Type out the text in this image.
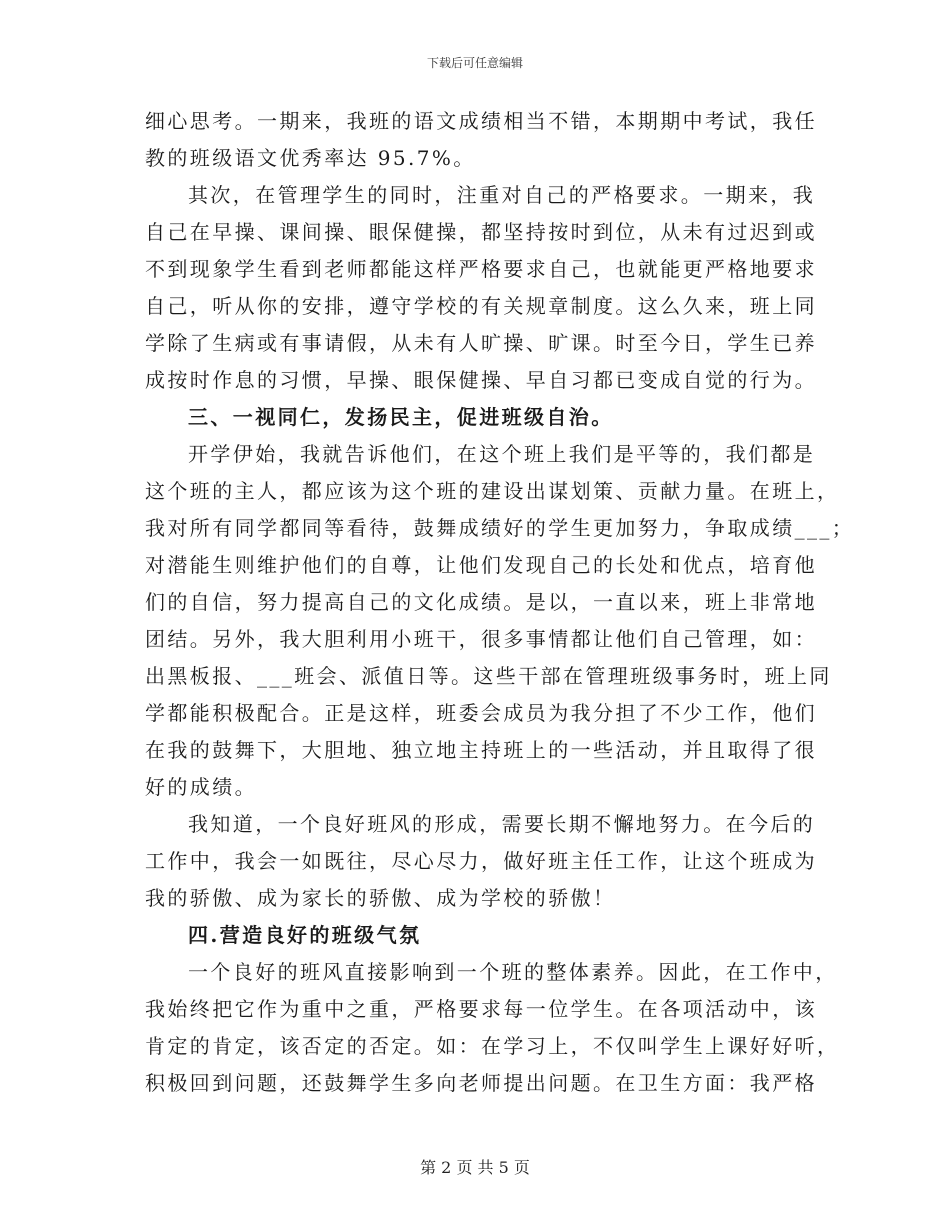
下载后可任意编辑
细心思考。一期来，我班的语文成绩相当不错，本期期中考试，我任
教的班级语文优秀率达 95.7%。
其次，在管理学生的同时，注重对自己的严格要求。一期来，我
自己在早操、课间操、眼保健操，都坚持按时到位，从未有过迟到或
不到现象学生看到老师都能这样严格要求自己，也就能更严格地要求
自己，听从你的安排，遵守学校的有关规章制度。这么久来，班上同
学除了生病或有事请假，从未有人旷操、旷课。时至今日，学生已养
成按时作息的习惯，早操、眼保健操、早自习都已变成自觉的行为。
三、一视同仁，发扬民主，促进班级自治。
开学伊始，我就告诉他们，在这个班上我们是平等的，我们都是
这个班的主人，都应该为这个班的建设出谋划策、贡献力量。在班上，
我对所有同学都同等看待，鼓舞成绩好的学生更加努力，争取成绩___；
对潜能生则维护他们的自尊，让他们发现自己的长处和优点，培育他
们的自信，努力提高自己的文化成绩。是以，一直以来，班上非常地
团结。另外，我大胆利用小班干，很多事情都让他们自己管理，如：
出黑板报、___班会、派值日等。这些干部在管理班级事务时，班上同
学都能积极配合。正是这样，班委会成员为我分担了不少工作，他们
在我的鼓舞下，大胆地、独立地主持班上的一些活动，并且取得了很
好的成绩。
我知道，一个良好班风的形成，需要长期不懈地努力。在今后的
工作中，我会一如既往，尽心尽力，做好班主任工作，让这个班成为
我的骄傲、成为家长的骄傲、成为学校的骄傲！
四.营造良好的班级气氛
一个良好的班风直接影响到一个班的整体素养。因此，在工作中，
我始终把它作为重中之重，严格要求每一位学生。在各项活动中，该
肯定的肯定，该否定的否定。如：在学习上，不仅叫学生上课好好听，
积极回到问题，还鼓舞学生多向老师提出问题。在卫生方面：我严格
第 2 页 共 5 页
